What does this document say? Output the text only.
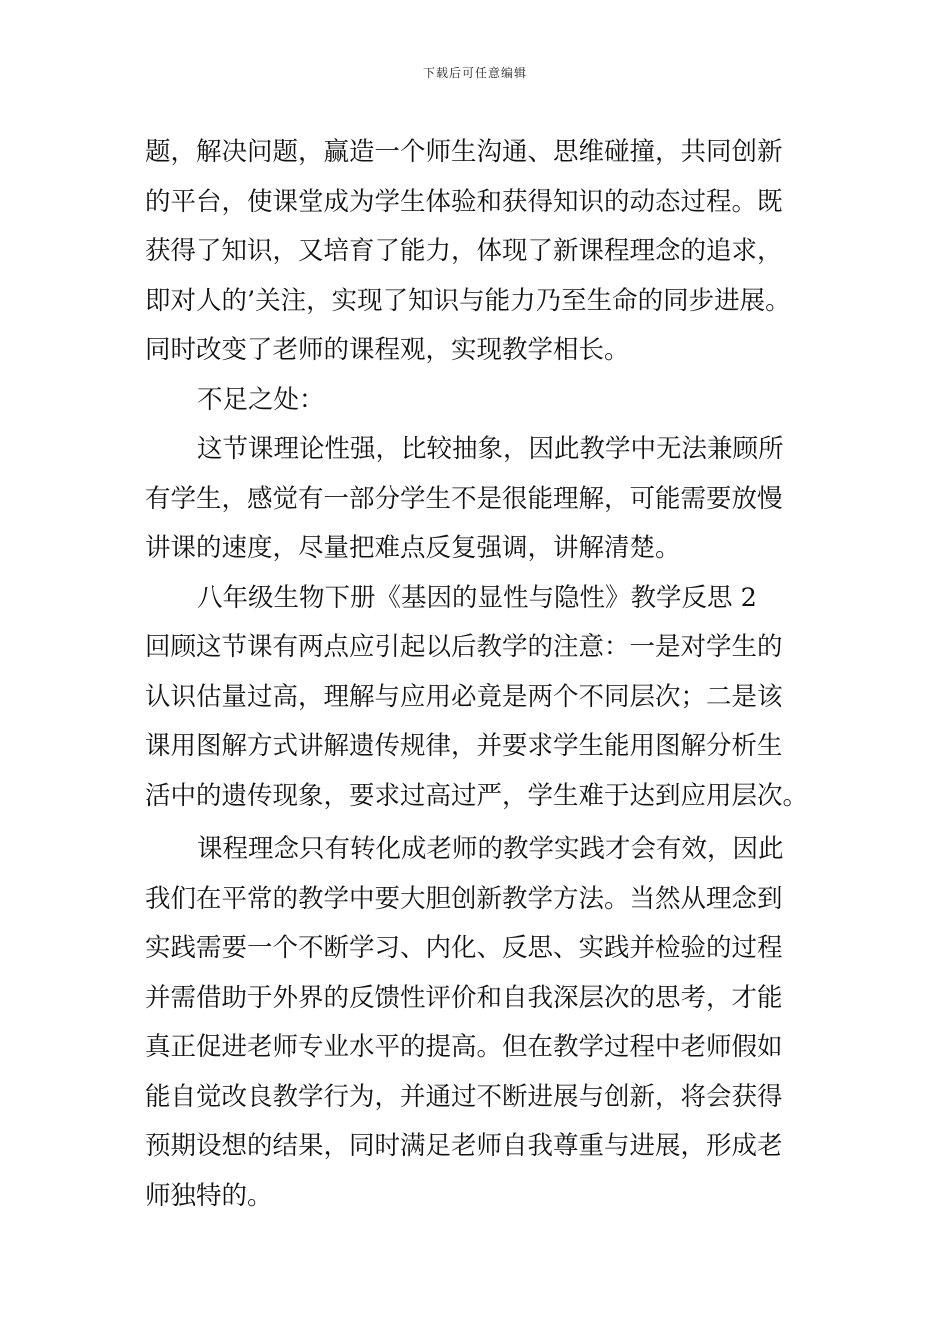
下载后可任意编辑
题，解决问题，赢造一个师生沟通、思维碰撞，共同创新
的平台，使课堂成为学生体验和获得知识的动态过程。既
获得了知识，又培育了能力，体现了新课程理念的追求，
即对人的’关注，实现了知识与能力乃至生命的同步进展。
同时改变了老师的课程观，实现教学相长。
不足之处：
这节课理论性强，比较抽象，因此教学中无法兼顾所
有学生，感觉有一部分学生不是很能理解，可能需要放慢
讲课的速度，尽量把难点反复强调，讲解清楚。
八年级生物下册《基因的显性与隐性》教学反思 2
回顾这节课有两点应引起以后教学的注意：一是对学生的
认识估量过高，理解与应用必竟是两个不同层次；二是该
课用图解方式讲解遗传规律，并要求学生能用图解分析生
活中的遗传现象，要求过高过严，学生难于达到应用层次。
课程理念只有转化成老师的教学实践才会有效，因此
我们在平常的教学中要大胆创新教学方法。当然从理念到
实践需要一个不断学习、内化、反思、实践并检验的过程
并需借助于外界的反馈性评价和自我深层次的思考，才能
真正促进老师专业水平的提高。但在教学过程中老师假如
能自觉改良教学行为，并通过不断进展与创新，将会获得
预期设想的结果，同时满足老师自我尊重与进展，形成老
师独特的。
